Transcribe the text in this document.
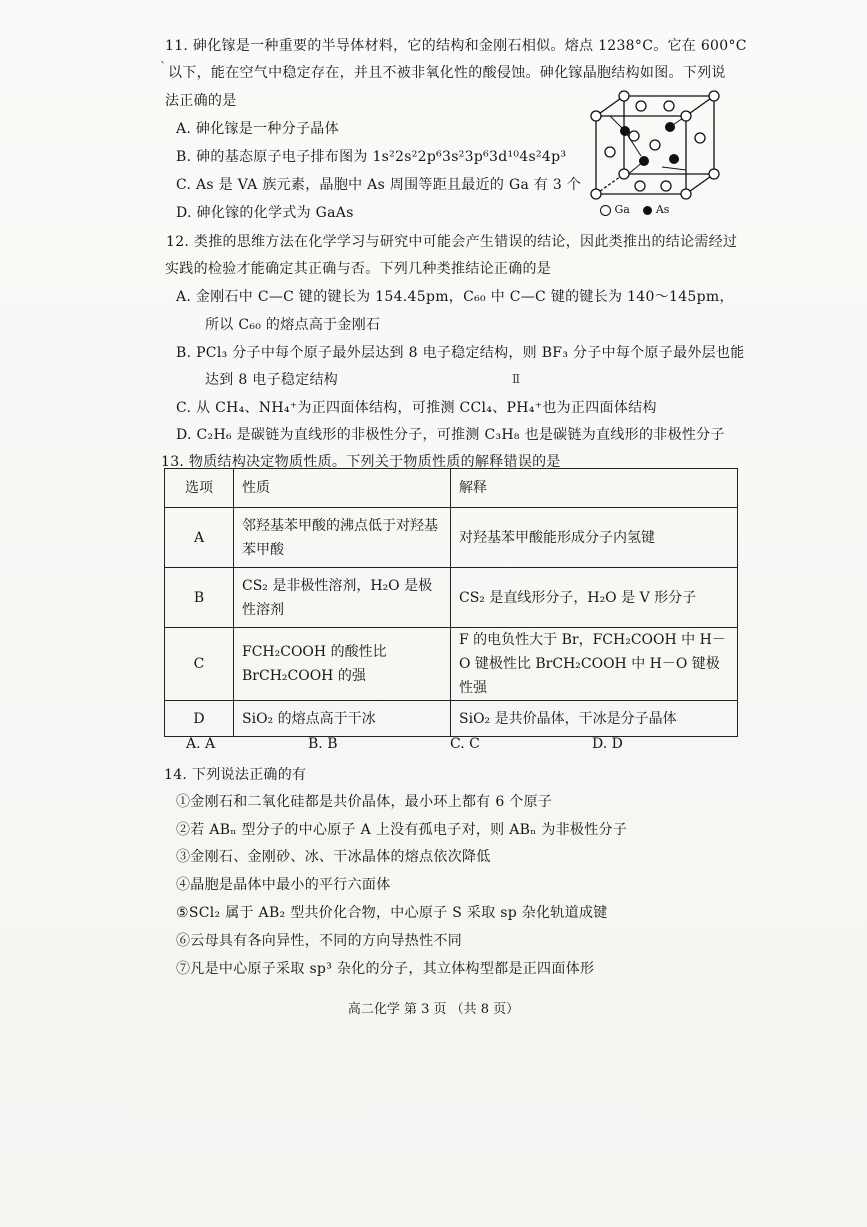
`
11. 砷化镓是一种重要的半导体材料，它的结构和金刚石相似。熔点 1238°C。它在 600°C
以下，能在空气中稳定存在，并且不被非氧化性的酸侵蚀。砷化镓晶胞结构如图。下列说
法正确的是
A. 砷化镓是一种分子晶体
B. 砷的基态原子电子排布图为 1s²2s²2p⁶3s²3p⁶3d¹⁰4s²4p³
C. As 是 VA 族元素，晶胞中 As 周围等距且最近的 Ga 有 3 个
D. 砷化镓的化学式为 GaAs	Ga As
12. 类推的思维方法在化学学习与研究中可能会产生错误的结论，因此类推出的结论需经过
实践的检验才能确定其正确与否。下列几种类推结论正确的是
A. 金刚石中 C—C 键的键长为 154.45pm，C₆₀ 中 C—C 键的键长为 140～145pm，
所以 C₆₀ 的熔点高于金刚石
B. PCl₃ 分子中每个原子最外层达到 8 电子稳定结构，则 BF₃ 分子中每个原子最外层也能
达到 8 电子稳定结构	Ⅱ
C. 从 CH₄、NH₄⁺为正四面体结构，可推测 CCl₄、PH₄⁺也为正四面体结构
D. C₂H₆ 是碳链为直线形的非极性分子，可推测 C₃H₈ 也是碳链为直线形的非极性分子
13. 物质结构决定物质性质。下列关于物质性质的解释错误的是
选项	性质	解释
A	邻羟基苯甲酸的沸点低于对羟基苯甲酸	对羟基苯甲酸能形成分子内氢键
B	CS₂ 是非极性溶剂，H₂O 是极性溶剂	CS₂ 是直线形分子，H₂O 是 V 形分子
C	FCH₂COOH 的酸性比 BrCH₂COOH 的强	F 的电负性大于 Br，FCH₂COOH 中 H－O 键极性比 BrCH₂COOH 中 H－O 键极性强
D	SiO₂ 的熔点高于干冰	SiO₂ 是共价晶体，干冰是分子晶体
A. A	B. B	C. C	D. D
14. 下列说法正确的有
①金刚石和二氧化硅都是共价晶体，最小环上都有 6 个原子
②若 ABₙ 型分子的中心原子 A 上没有孤电子对，则 ABₙ 为非极性分子
③金刚石、金刚砂、冰、干冰晶体的熔点依次降低
④晶胞是晶体中最小的平行六面体
⑤SCl₂ 属于 AB₂ 型共价化合物，中心原子 S 采取 sp 杂化轨道成键
⑥云母具有各向异性，不同的方向导热性不同
⑦凡是中心原子采取 sp³ 杂化的分子，其立体构型都是正四面体形
高二化学 第 3 页 （共 8 页）
